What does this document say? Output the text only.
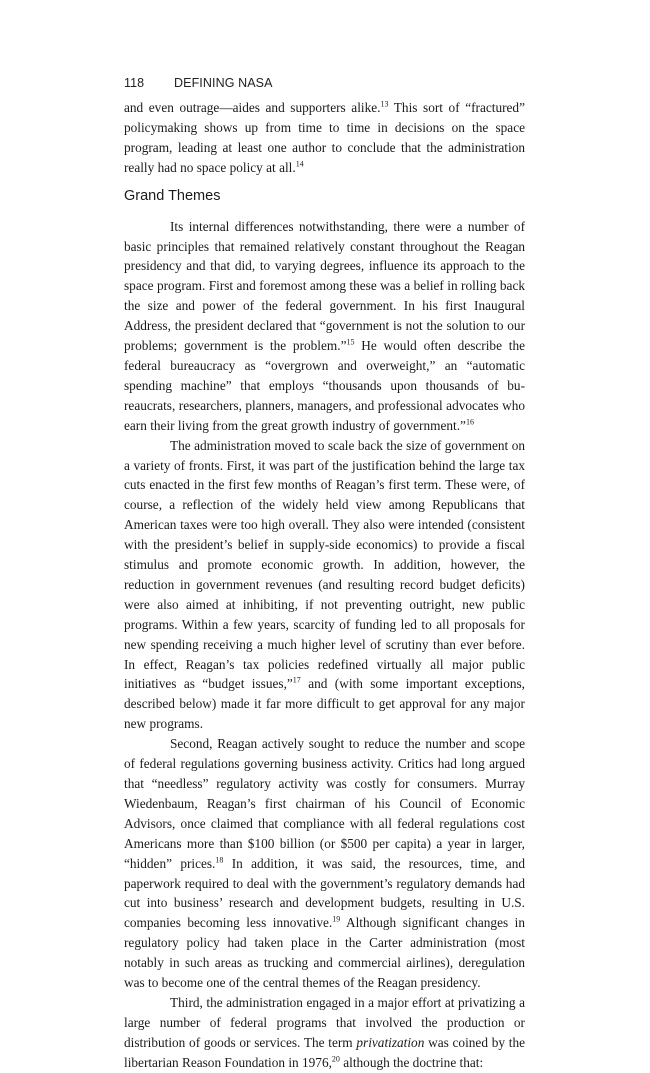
118 DEFINING NASA

and even outrage—aides and supporters alike.$^{13}$ This sort of “fractured” policymaking shows up from time to time in decisions on the space program, leading at least one author to conclude that the administration really had no space policy at all.$^{14}$

Grand Themes

Its internal differences notwithstanding, there were a number of basic principles that remained relatively constant throughout the Reagan presidency and that did, to varying degrees, influence its approach to the space program. First and foremost among these was a belief in rolling back the size and power of the federal government. In his first Inaugural Address, the president declared that “government is not the solution to our problems; government is the problem.”$^{15}$ He would often describe the federal bureaucracy as “overgrown and overweight,” an “automatic spending machine” that employs “thousands upon thousands of bureaucrats, researchers, planners, managers, and professional advocates who earn their living from the great growth industry of government.”$^{16}$

The administration moved to scale back the size of government on a variety of fronts. First, it was part of the justification behind the large tax cuts enacted in the first few months of Reagan’s first term. These were, of course, a reflection of the widely held view among Republicans that American taxes were too high overall. They also were intended (consistent with the president’s belief in supply-side economics) to provide a fiscal stimulus and promote economic growth. In addition, however, the reduction in government revenues (and resulting record budget deficits) were also aimed at inhibiting, if not preventing outright, new public programs. Within a few years, scarcity of funding led to all proposals for new spending receiving a much higher level of scrutiny than ever before. In effect, Reagan’s tax policies redefined virtually all major public initiatives as “budget issues,”$^{17}$ and (with some important exceptions, described below) made it far more difficult to get approval for any major new programs.

Second, Reagan actively sought to reduce the number and scope of federal regulations governing business activity. Critics had long argued that “needless” regulatory activity was costly for consumers. Murray Wiedenbaum, Reagan’s first chairman of his Council of Economic Advisors, once claimed that compliance with all federal regulations cost Americans more than $100 billion (or $500 per capita) a year in larger, “hidden” prices.$^{18}$ In addition, it was said, the resources, time, and paperwork required to deal with the government’s regulatory demands had cut into business’ research and development budgets, resulting in U.S. companies becoming less innovative.$^{19}$ Although significant changes in regulatory policy had taken place in the Carter administration (most notably in such areas as trucking and commercial airlines), deregulation was to become one of the central themes of the Reagan presidency.

Third, the administration engaged in a major effort at privatizing a large number of federal programs that involved the production or distribution of goods or services. The term privatization was coined by the libertarian Reason Foundation in 1976,20 although the doctrine that:
